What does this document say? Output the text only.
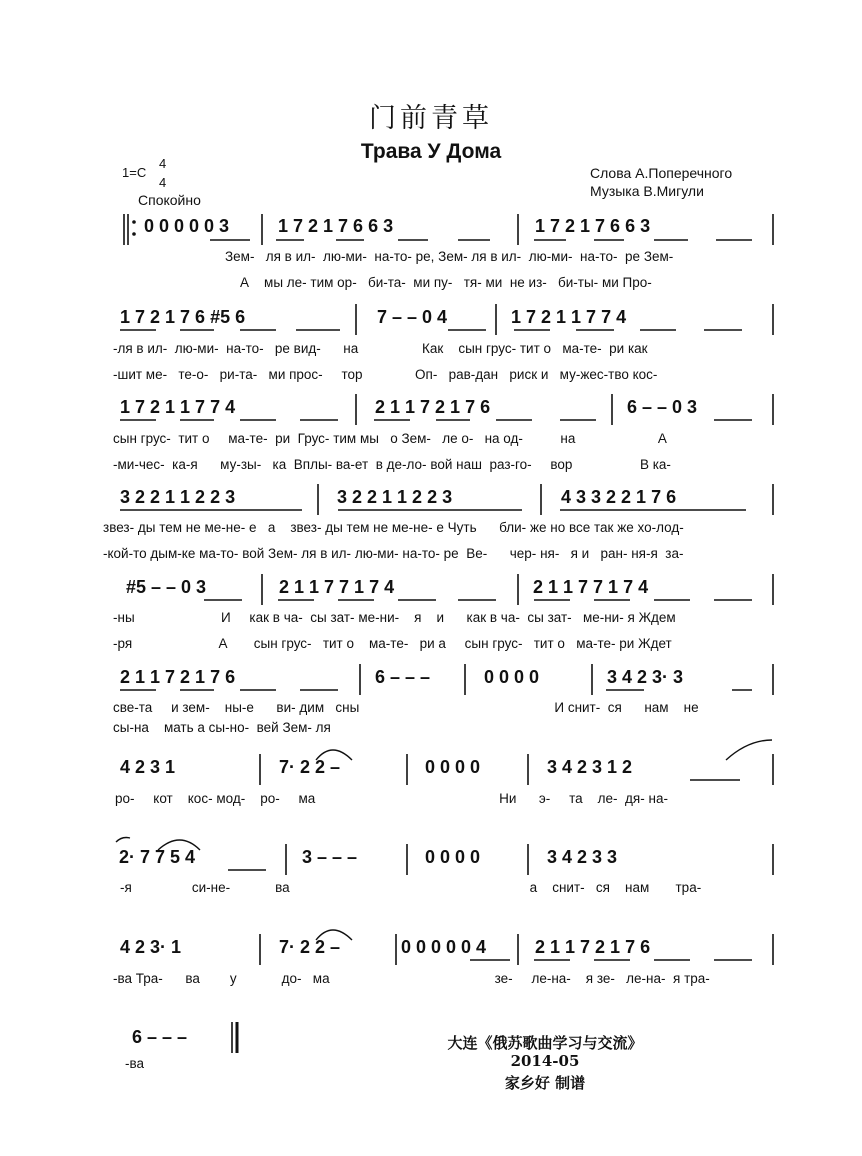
门前青草
Трава У Дома
1=C
4
4
Спокойно
Слова А.Поперечного
Музыка В.Мигули
0 0 0 0 0 3	1 7 2 1 7 6 6 3	1 7 2 1 7 6 6 3
Зем- ля в ил- лю-ми- на-то- ре, Зем- ля в ил- лю-ми- на-то- ре Зем-
А мы ле- тим ор- би-та- ми пу- тя- ми не из- би-ты- ми Про-
1 7 2 1 7 6 #5 6	7 – – 0 4	1 7 2 1 1 7 7 4
-ля в ил- лю-ми- на-то- ре вид- на	Как сын грус- тит о ма-те- ри как
-шит ме- те-о- ри-та- ми прос- тор	Оп- рав-дан риск и му-жес-тво кос-
1 7 2 1 1 7 7 4	2 1 1 7 2 1 7 6	6 – – 0 3
сын грус- тит о ма-те- ри Грус- тим мы о Зем- ле о- на од-	на	А
-ми-чес- ка-я му-зы- ка Вплы- ва-ет в де-ло- вой наш раз-го- вор	В ка-
3 2 2 1 1 2 2 3	3 2 2 1 1 2 2 3	4 3 3 2 2 1 7 6
звез- ды тем не ме-не- е а звез- ды тем не ме-не- е Чуть бли- же но все так же хо-лод-
-кой-то дым-ке ма-то- вой Зем- ля в ил- лю-ми- на-то- ре Ве- чер- ня- я и ран- ня-я за-
#5 – – 0 3	2 1 1 7 7 1 7 4	2 1 1 7 7 1 7 4
-ны	И как в ча- сы зат- ме-ни- я и как в ча- сы зат- ме-ни- я Ждем
-ря	А сын грус- тит о ма-те- ри а сын грус- тит о ма-те- ри Ждет
2 1 1 7 2 1 7 6	6 – – –	0 0 0 0	3 4 2 3· 3
све-та и зем- ны-е ви- дим сны	И снит- ся нам не
сы-на мать а сы-но- вей Зем- ля
4 2 3 1	7· 2 2 –	0 0 0 0	3 4 2 3 1 2
ро- кот кос- мод- ро- ма	Ни э- та ле- дя- на-
2· 7 7 5 4	3 – – –	0 0 0 0	3 4 2 3 3
-я	си-не-	ва	а снит- ся нам тра-
4 2 3· 1	7· 2 2 –	0 0 0 0 0 4	2 1 1 7 2 1 7 6
-ва Тра- ва у	до- ма	зе- ле-на- я зе- ле-на- я тра-
6 – – –
-ва
大连《俄苏歌曲学习与交流》
2014-05
家乡好 制谱
